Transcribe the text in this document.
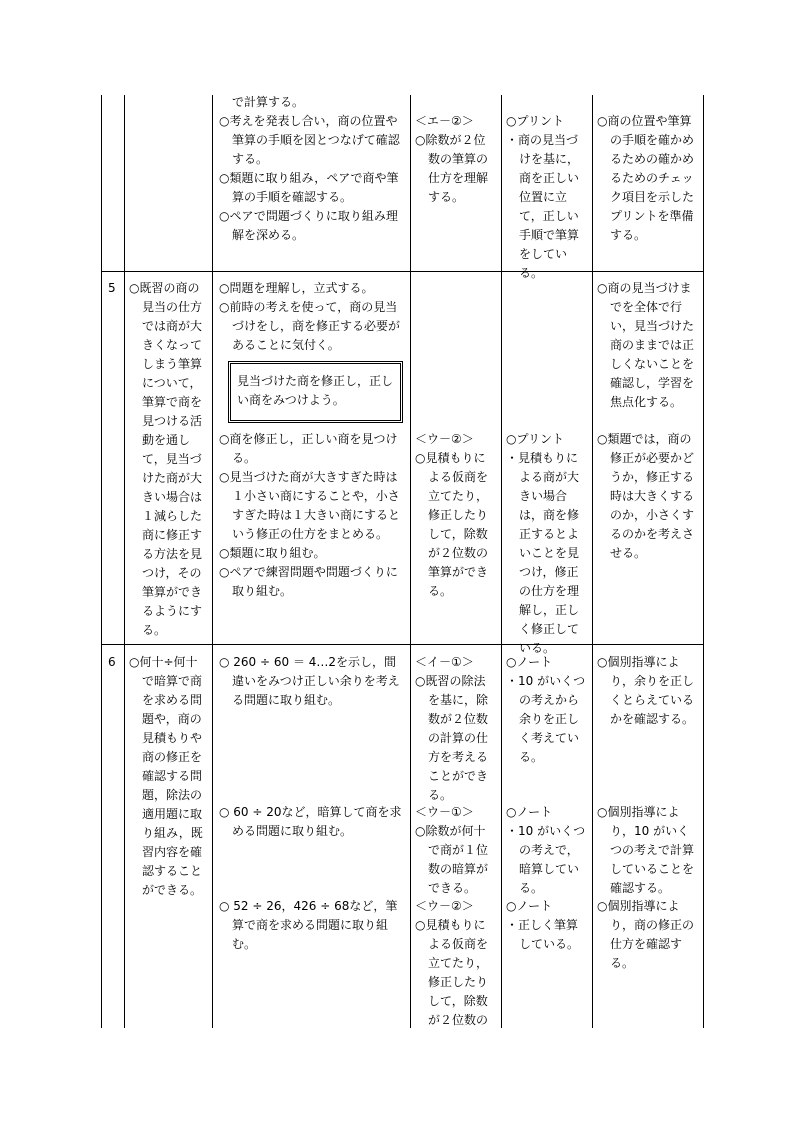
で計算する。

○考えを発表し合い，商の位置や筆算の手順を図とつなげて確認する。

○類題に取り組み，ペアで商や筆算の手順を確認する。

○ペアで問題づくりに取り組み理解を深める。

＜エ－②＞

○除数が２位数の筆算の仕方を理解する。

○プリント

・商の見当づけを基に，商を正しい位置に立て，正しい手順で筆算をしている。

○商の位置や筆算の手順を確かめるための確かめるためのチェック項目を示したプリントを準備する。

5 ○既習の商の見当の仕方では商が大きくなってしまう筆算について，筆算で商を見つける活動を通して，見当づけた商が大きい場合は１減らした商に修正する方法を見つけ，その筆算ができるようにする。

○問題を理解し，立式する。

○前時の考えを使って，商の見当づけをし，商を修正する必要があることに気付く。

見当づけた商を修正し，正しい商をみつけよう。

○商を修正し，正しい商を見つける。

○見当づけた商が大きすぎた時は１小さい商にすることや，小さすぎた時は１大きい商にするという修正の仕方をまとめる。

○類題に取り組む。

○ペアで練習問題や問題づくりに取り組む。

＜ウ－②＞

○見積もりによる仮商を立てたり，修正したりして，除数が２位数の筆算ができる。

○プリント

・見積もりによる商が大きい場合は，商を修正するとよいことを見つけ，修正の仕方を理解し，正しく修正している。

○商の見当づけまでを全体で行い，見当づけた商のままでは正しくないことを確認し，学習を焦点化する。

○類題では，商の修正が必要かどうか，修正する時は大きくするのか，小さくするのかを考えさせる。

6 ○何十÷何十で暗算で商を求める問題や，商の見積もりや商の修正を確認する問題，除法の適用題に取り組み，既習内容を確認することができる。

○ 260 ÷ 60 ＝ 4…2を示し，間違いをみつけ正しい余りを考える問題に取り組む。

＜イ－①＞

○既習の除法を基に，除数が２位数の計算の仕方を考えることができる。

○ノート

・10 がいくつの考えから余りを正しく考えている。

○個別指導により，余りを正しくとらえているかを確認する。

○ 60 ÷ 20など，暗算して商を求める問題に取り組む。

＜ウ－①＞

○除数が何十で商が１位数の暗算ができる。

○ノート

・10 がいくつの考えで，暗算している。

○個別指導により，10 がいくつの考えで計算していることを確認する。

○ 52 ÷ 26，426 ÷ 68など，筆算で商を求める問題に取り組む。

＜ウ－②＞

○見積もりによる仮商を立てたり，修正したりして，除数が２位数の

○ノート

・正しく筆算している。

○個別指導により，商の修正の仕方を確認する。
